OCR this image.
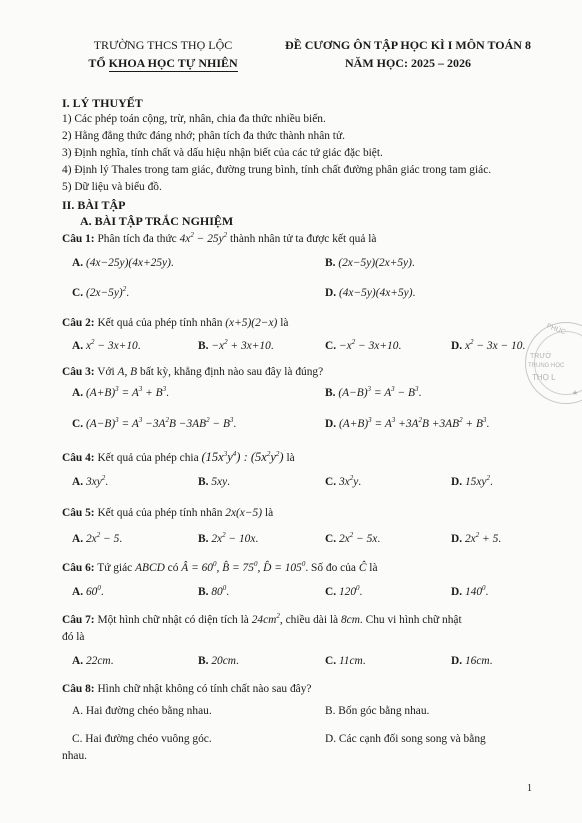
TRƯỜNG THCS THỌ LỘC
TỔ KHOA HỌC TỰ NHIÊN
ĐỀ CƯƠNG ÔN TẬP HỌC KÌ I MÔN TOÁN 8
NĂM HỌC: 2025 – 2026
I. LÝ THUYẾT
1) Các phép toán cộng, trừ, nhân, chia đa thức nhiều biến.
2) Hằng đẳng thức đáng nhớ; phân tích đa thức thành nhân tử.
3) Định nghĩa, tính chất và dấu hiệu nhận biết của các tứ giác đặc biệt.
4) Định lý Thales trong tam giác, đường trung bình, tính chất đường phân giác trong tam giác.
5) Dữ liệu và biểu đồ.
II. BÀI TẬP
A. BÀI TẬP TRẮC NGHIỆM
Câu 1: Phân tích đa thức $4x^2 - 25y^2$ thành nhân tử ta được kết quả là
A. (4x−25y)(4x+25y).	B. (2x−5y)(2x+5y).
C. $(2x-5y)^2$.	D. (4x−5y)(4x+5y).
Câu 2: Kết quả của phép tính nhân (x+5)(2−x) là
A. $x^2 - 3x+10$.	B. $-x^2 + 3x+10$.	C. $-x^2 - 3x+10$.	D. $x^2 - 3x - 10$.
Câu 3: Với A, B bất kỳ, khẳng định nào sau đây là đúng?
A. $(A+B)^3 = A^3 + B^3$.	B. $(A-B)^3 = A^3 - B^3$.
C. $(A-B)^3 = A^3 -3A^2B -3AB^2 - B^3$.	D. $(A+B)^3 = A^3 +3A^2B +3AB^2 + B^3$.
Câu 4: Kết quả của phép chia $(15x^3y^4)$ : $(5x^2y^2)$ là
A. $3xy^2$.	B. 5xy.	C. $3x^2y$.	D. $15xy^2$.
Câu 5: Kết quả của phép tính nhân 2x(x−5) là
A. $2x^2 - 5$.	B. $2x^2 - 10x$.	C. $2x^2 - 5x$.	D. $2x^2 + 5$.
Câu 6: Tứ giác ABCD có Â = $60^0$, B̂ = $75^0$, D̂ = $105^0$. Số đo của Ĉ là
A. $60^0$.	B. $80^0$.	C. $120^0$.	D. $140^0$.
Câu 7: Một hình chữ nhật có diện tích là $24cm^2$, chiều dài là 8cm. Chu vi hình chữ nhật
đó là
A. 22cm.	B. 20cm.	C. 11cm.	D. 16cm.
Câu 8: Hình chữ nhật không có tính chất nào sau đây?
A. Hai đường chéo bằng nhau.	B. Bốn góc bằng nhau.
C. Hai đường chéo vuông góc.	D. Các cạnh đối song song và bằng
nhau.
PHÚC
TRƯỜ
TRUNG HỌC
THỌ L
★
1
